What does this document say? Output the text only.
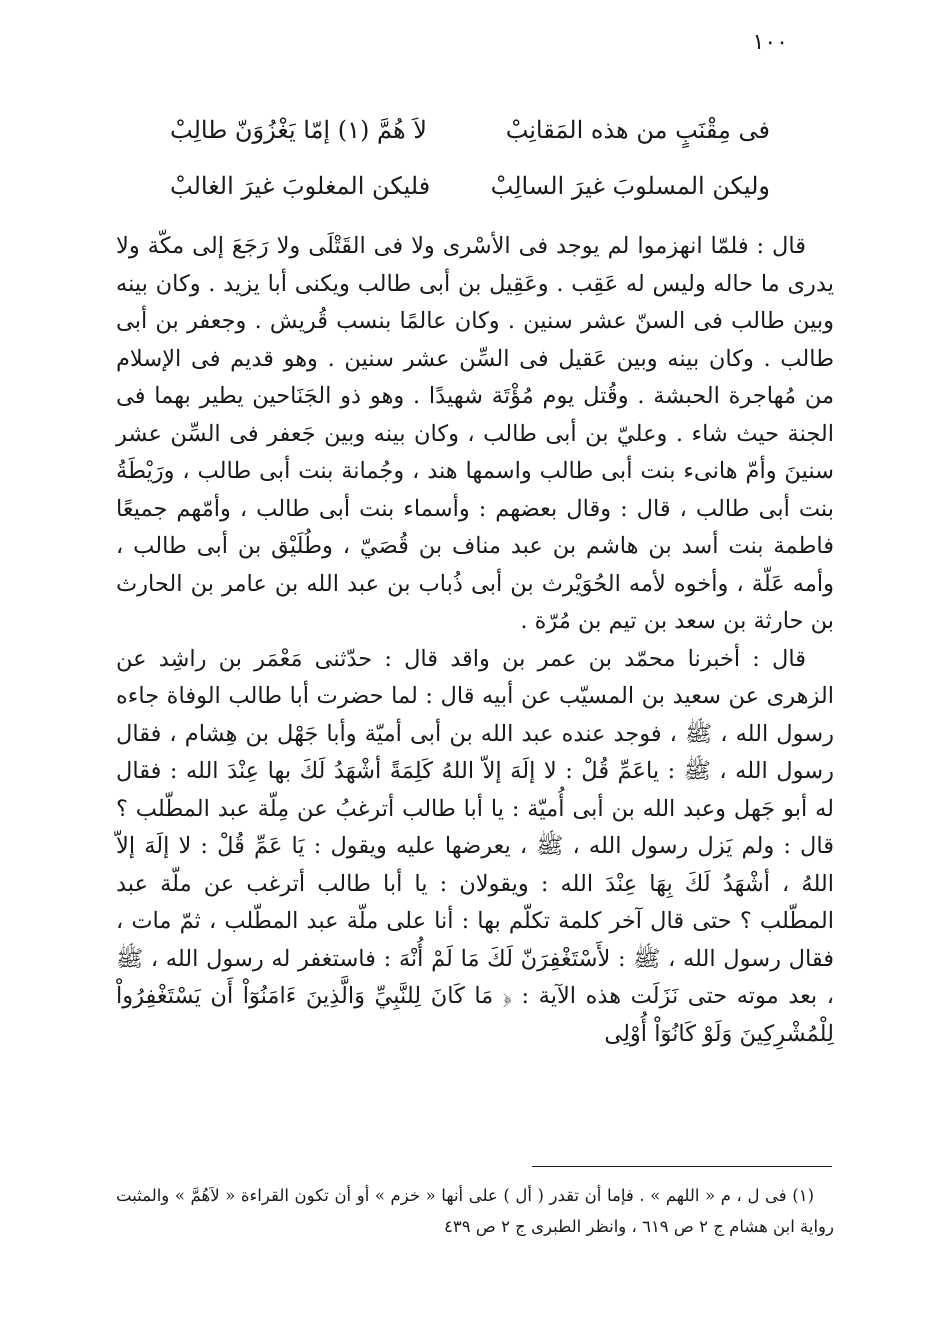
١٠٠
لاَ هُمَّ (١) إمّا يَغْزُوَنّ طالِبْ	فى مِقْنَبٍ من هذه المَقانِبْ
فليكن المغلوبَ غيرَ الغالبْ	وليكن المسلوبَ غيرَ السالِبْ

قال : فلمّا انهزموا لم يوجد فى الأسْرى ولا فى القَتْلَى ولا رَجَعَ إلى مكّة ولا يدرى ما حاله وليس له عَقِب . وعَقِيل بن أبى طالب ويكنى أبا يزيد . وكان بينه وبين طالب فى السنّ عشر سنين . وكان عالمًا بنسب قُريش . وجعفر بن أبى طالب . وكان بينه وبين عَقيل فى السِّن عشر سنين . وهو قديم فى الإسلام من مُهاجرة الحبشة . وقُتل يوم مُؤْتَة شهيدًا . وهو ذو الجَنَاحين يطير بهما فى الجنة حيث شاء . وعليّ بن أبى طالب ، وكان بينه وبين جَعفر فى السِّن عشر سنينَ وأمّ هانىء بنت أبى طالب واسمها هند ، وجُمانة بنت أبى طالب ، ورَيْطَةُ بنت أبى طالب ، قال : وقال بعضهم : وأسماء بنت أبى طالب ، وأمّهم جميعًا فاطمة بنت أسد بن هاشم بن عبد مناف بن قُصَيّ ، وطُلَيْق بن أبى طالب ، وأمه عَلّة ، وأخوه لأمه الحُوَيْرث بن أبى ذُباب بن عبد الله بن عامر بن الحارث بن حارثة بن سعد بن تيم بن مُرّة .

قال : أخبرنا محمّد بن عمر بن واقد قال : حدّثنى مَعْمَر بن راشِد عن الزهرى عن سعيد بن المسيّب عن أبيه قال : لما حضرت أبا طالب الوفاة جاءه رسول الله ، ﷺ ، فوجد عنده عبد الله بن أبى أميّة وأبا جَهْل بن هِشام ، فقال رسول الله ، ﷺ : ياعَمِّ قُلْ : لا إلَهَ إلاّ اللهُ كَلِمَةً أشْهَدُ لَكَ بها عِنْدَ الله : فقال له أبو جَهل وعبد الله بن أبى أُميّة : يا أبا طالب أترغبُ عن مِلّة عبد المطّلب ؟ قال : ولم يَزل رسول الله ، ﷺ ، يعرضها عليه ويقول : يَا عَمِّ قُلْ : لا إلَهَ إلاّ اللهُ ، أشْهَدُ لَكَ بِهَا عِنْدَ الله : ويقولان : يا أبا طالب أترغب عن ملّة عبد المطّلب ؟ حتى قال آخر كلمة تكلّم بها : أنا على ملّة عبد المطّلب ، ثمّ مات ، فقال رسول الله ، ﷺ : لأَسْتَغْفِرَنّ لَكَ مَا لَمْ أُنْهَ : فاستغفر له رسول الله ، ﷺ ، بعد موته حتى نَزَلَت هذه الآية : ﴿ مَا كَانَ لِلنَّبِيِّ وَالَّذِينَ ءَامَنُوٓاْ أَن يَسْتَغْفِرُواْ لِلْمُشْرِكِينَ وَلَوْ كَانُوٓاْ أُوْلِى

(١) فى ل ، م « اللهم » . فإما أن تقدر ( أل ) على أنها « خزم » أو أن تكون القراءة « لاَهُمَّ » والمثبت رواية ابن هشام ج ٢ ص ٦١٩ ، وانظر الطبرى ج ٢ ص ٤٣٩
